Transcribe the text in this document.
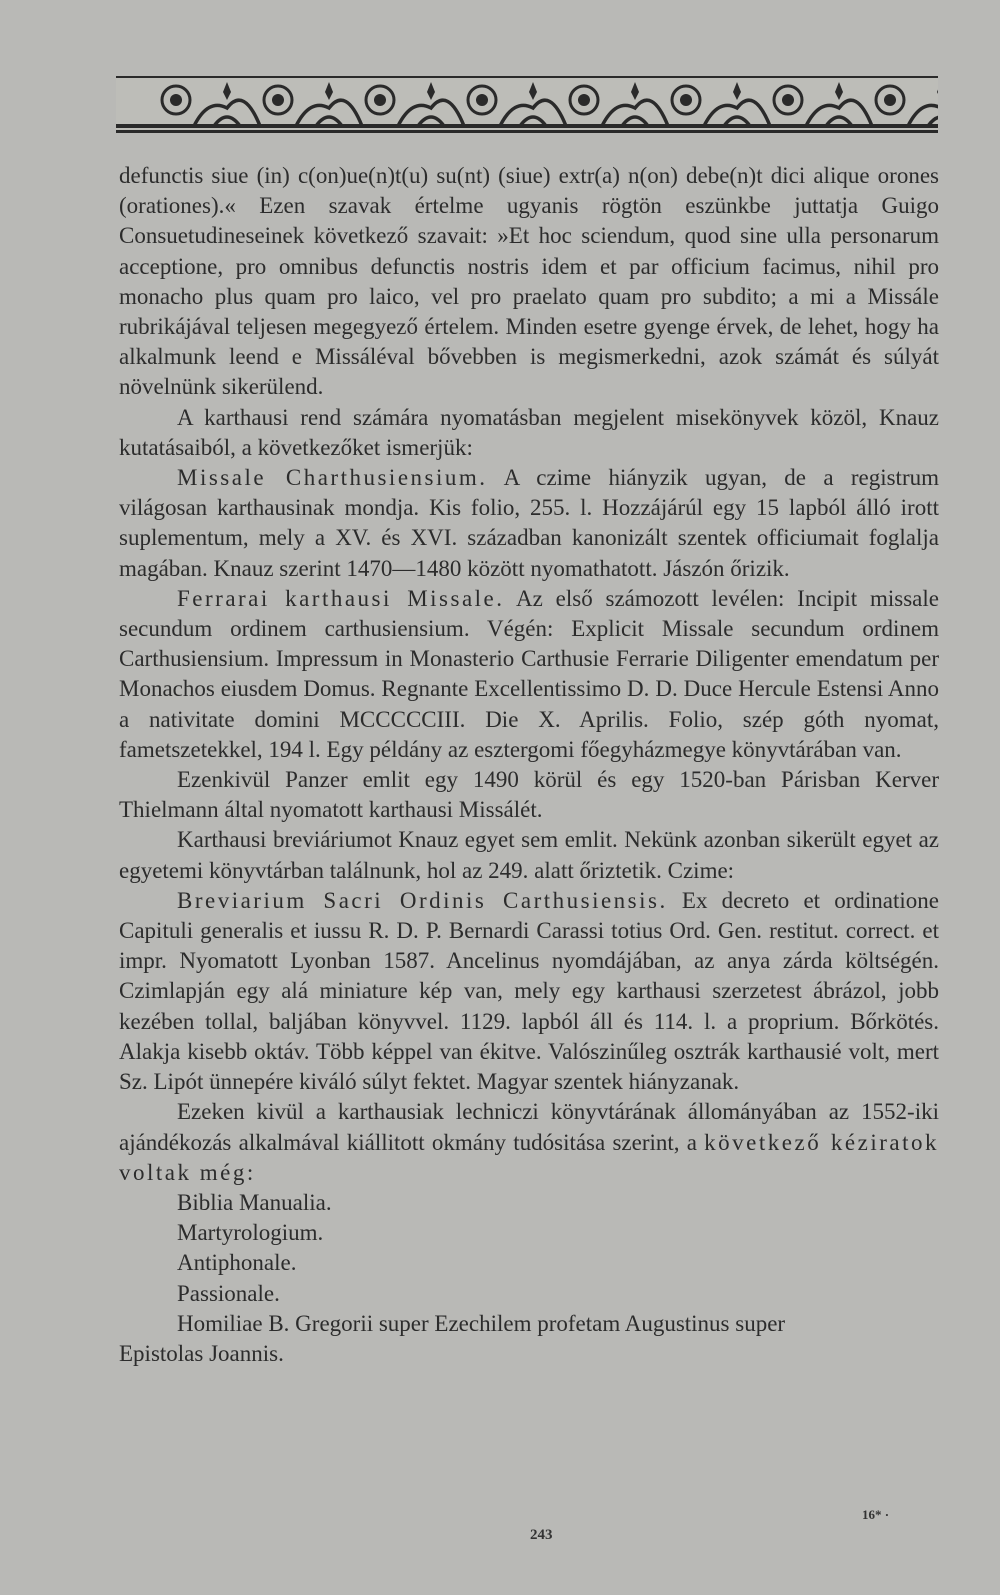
defunctis siue (in) c(on)ue(n)t(u) su(nt) (siue) extr(a) n(on) debe(n)t dici alique orones (orationes).« Ezen szavak értelme ugyanis rögtön eszünkbe juttatja Guigo Consuetudineseinek következő szavait: »Et hoc sciendum, quod sine ulla personarum acceptione, pro omnibus defunctis nostris idem et par officium facimus, nihil pro monacho plus quam pro laico, vel pro praelato quam pro subdito; a mi a Missále rubrikájával teljesen megegyező értelem. Minden esetre gyenge érvek, de lehet, hogy ha alkalmunk leend e Missáléval bővebben is megismerkedni, azok számát és súlyát növelnünk sikerülend.

A karthausi rend számára nyomatásban megjelent misekönyvek közöl, Knauz kutatásaiból, a következőket ismerjük:

Missale Charthusiensium. A czime hiányzik ugyan, de a registrum világosan karthausinak mondja. Kis folio, 255. l. Hozzájárúl egy 15 lapból álló irott suplementum, mely a XV. és XVI. században kanonizált szentek officiumait foglalja magában. Knauz szerint 1470—1480 között nyomathatott. Jászón őrizik.

Ferrarai karthausi Missale. Az első számozott levélen: Incipit missale secundum ordinem carthusiensium. Végén: Explicit Missale secundum ordinem Carthusiensium. Impressum in Monasterio Carthusie Ferrarie Diligenter emendatum per Monachos eiusdem Domus. Regnante Excellentissimo D. D. Duce Hercule Estensi Anno a nativitate domini MCCCCCIII. Die X. Aprilis. Folio, szép góth nyomat, fametszetekkel, 194 l. Egy példány az esztergomi főegyházmegye könyvtárában van.

Ezenkivül Panzer emlit egy 1490 körül és egy 1520-ban Párisban Kerver Thielmann által nyomatott karthausi Missálét.

Karthausi breviáriumot Knauz egyet sem emlit. Nekünk azonban sikerült egyet az egyetemi könyvtárban találnunk, hol az 249. alatt őriztetik. Czime:

Breviarium Sacri Ordinis Carthusiensis. Ex decreto et ordinatione Capituli generalis et iussu R. D. P. Bernardi Carassi totius Ord. Gen. restitut. correct. et impr. Nyomatott Lyonban 1587. Ancelinus nyomdájában, az anya zárda költségén. Czimlapján egy alá miniature kép van, mely egy karthausi szerzetest ábrázol, jobb kezében tollal, baljában könyvvel. 1129. lapból áll és 114. l. a proprium. Bőrkötés. Alakja kisebb oktáv. Több képpel van ékitve. Valószinűleg osztrák karthausié volt, mert Sz. Lipót ünnepére kiváló súlyt fektet. Magyar szentek hiányzanak.

Ezeken kivül a karthausiak lechniczi könyvtárának állományában az 1552-iki ajándékozás alkalmával kiállitott okmány tudósitása szerint, a következő kéziratok voltak még:

Biblia Manualia.
Martyrologium.
Antiphonale.
Passionale.
Homiliae B. Gregorii super Ezechilem profetam Augustinus super

Epistolas Joannis.

243
16* ·
